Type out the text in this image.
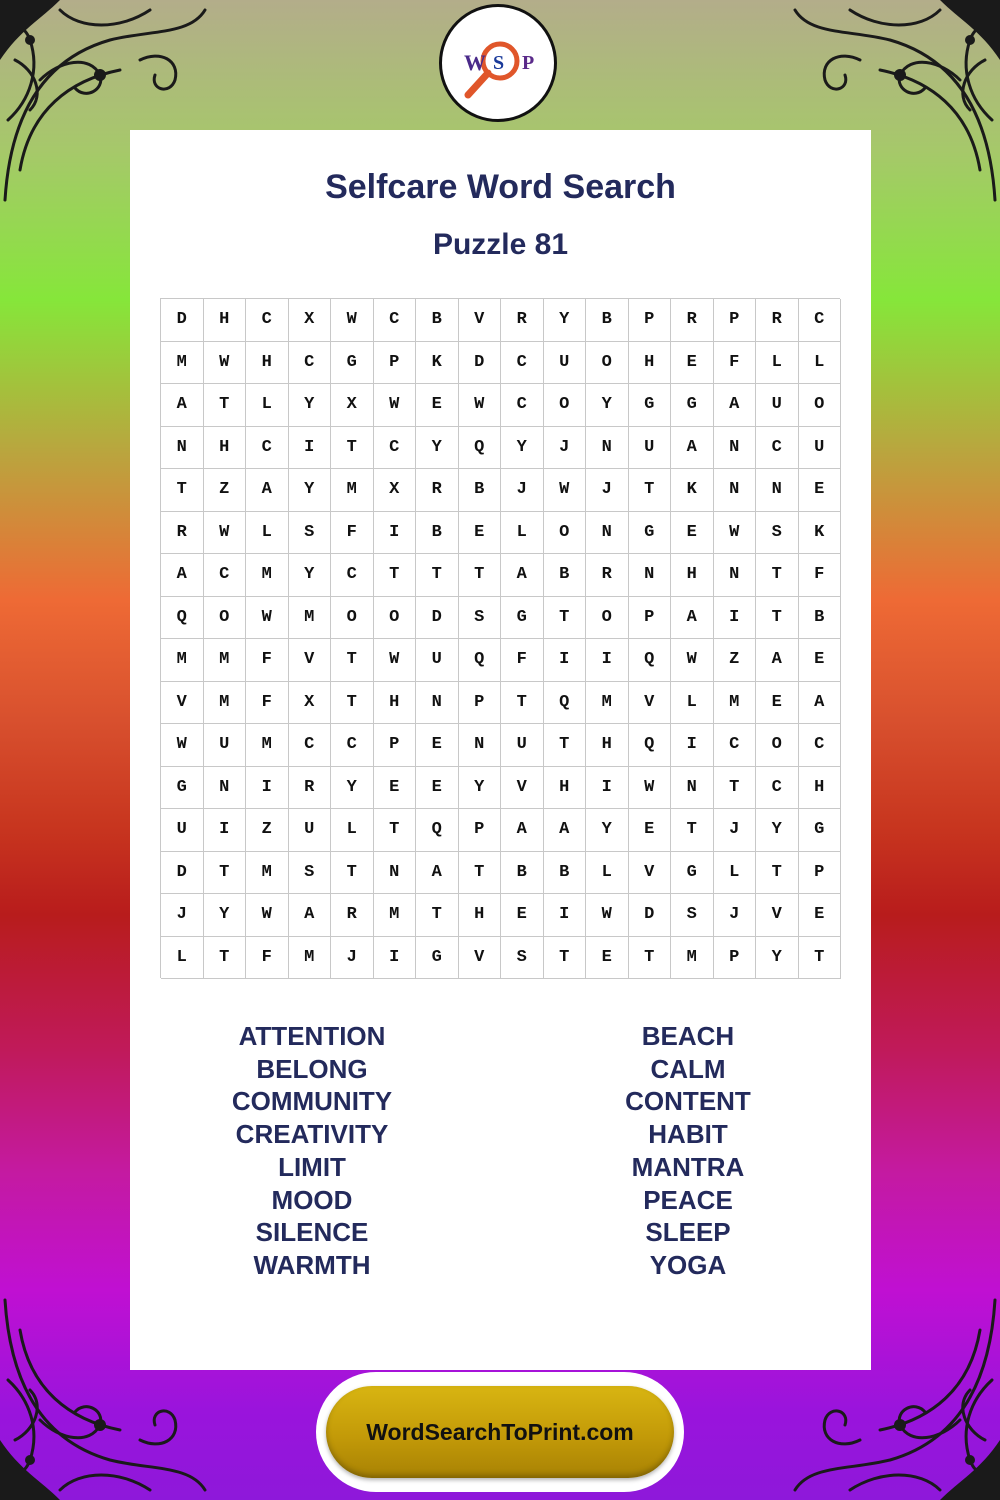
W S P
Selfcare Word Search
Puzzle 81
D	H	C	X	W	C	B	V	R	Y	B	P	R	P	R	C
M	W	H	C	G	P	K	D	C	U	O	H	E	F	L	L
A	T	L	Y	X	W	E	W	C	O	Y	G	G	A	U	O
N	H	C	I	T	C	Y	Q	Y	J	N	U	A	N	C	U
T	Z	A	Y	M	X	R	B	J	W	J	T	K	N	N	E
R	W	L	S	F	I	B	E	L	O	N	G	E	W	S	K
A	C	M	Y	C	T	T	T	A	B	R	N	H	N	T	F
Q	O	W	M	O	O	D	S	G	T	O	P	A	I	T	B
M	M	F	V	T	W	U	Q	F	I	I	Q	W	Z	A	E
V	M	F	X	T	H	N	P	T	Q	M	V	L	M	E	A
W	U	M	C	C	P	E	N	U	T	H	Q	I	C	O	C
G	N	I	R	Y	E	E	Y	V	H	I	W	N	T	C	H
U	I	Z	U	L	T	Q	P	A	A	Y	E	T	J	Y	G
D	T	M	S	T	N	A	T	B	B	L	V	G	L	T	P
J	Y	W	A	R	M	T	H	E	I	W	D	S	J	V	E
L	T	F	M	J	I	G	V	S	T	E	T	M	P	Y	T
ATTENTION
BELONG
COMMUNITY
CREATIVITY
LIMIT
MOOD
SILENCE
WARMTH
BEACH
CALM
CONTENT
HABIT
MANTRA
PEACE
SLEEP
YOGA
WordSearchToPrint.com
